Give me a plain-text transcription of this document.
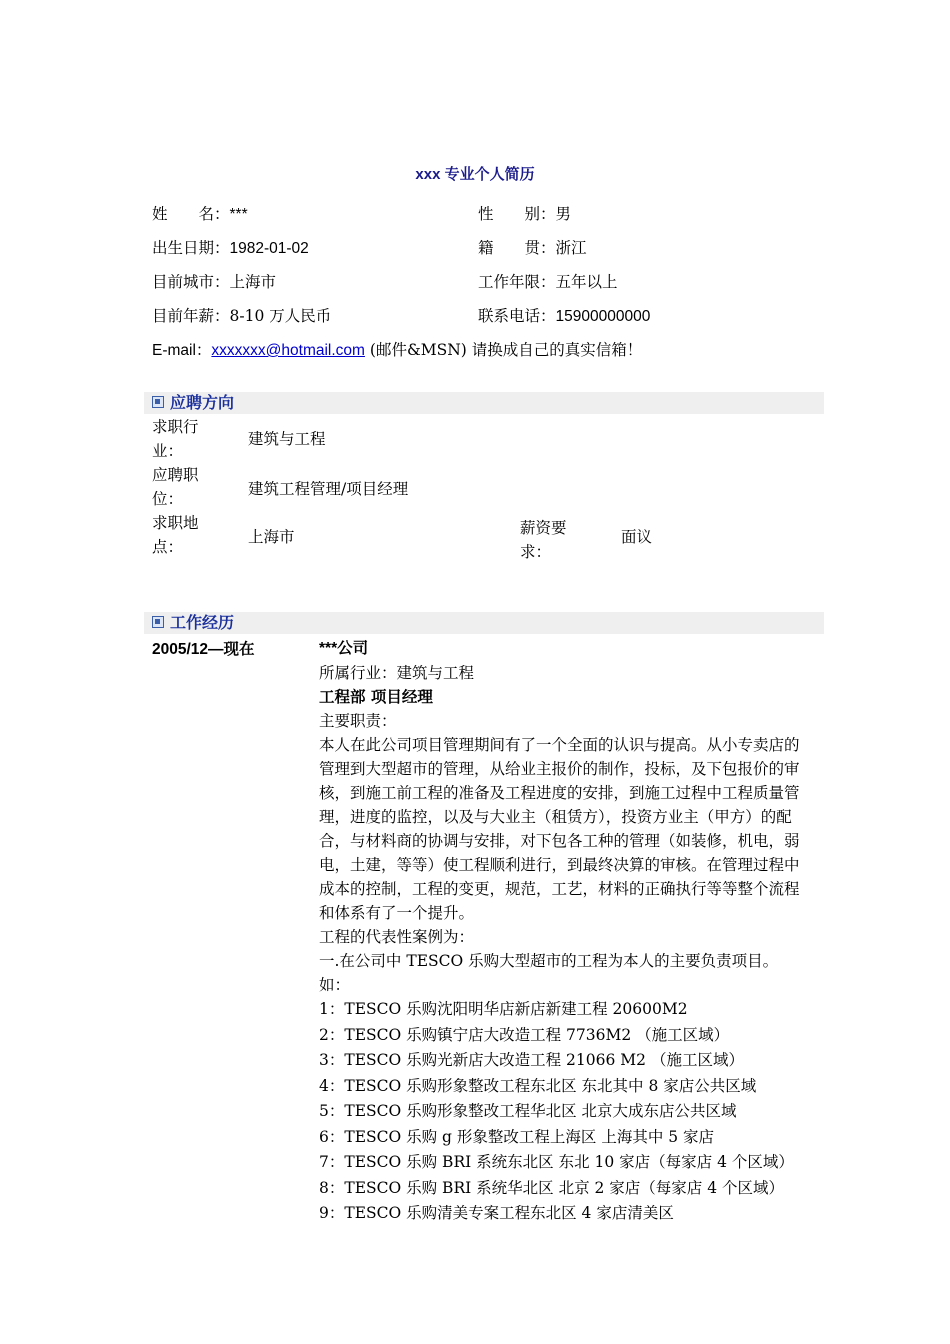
xxx 专业个人简历
姓　　名：***	性　　别：男
出生日期：1982-01-02	籍　　贯：浙江
目前城市：上海市	工作年限：五年以上
目前年薪：8-10 万人民币	联系电话：15900000000
E-mail：xxxxxxx@hotmail.com (邮件&MSN) 请换成自己的真实信箱！
应聘方向
求职行业：
建筑与工程
应聘职位：
建筑工程管理/项目经理
求职地点：
上海市	薪资要求：
面议
工作经历
2005/12—现在	***公司
所属行业：建筑与工程
工程部 项目经理
主要职责：
本人在此公司项目管理期间有了一个全面的认识与提高。从小专卖店的管理到大型超市的管理，从给业主报价的制作，投标，及下包报价的审核，到施工前工程的准备及工程进度的安排，到施工过程中工程质量管理，进度的监控，以及与大业主（租赁方），投资方业主（甲方）的配合，与材料商的协调与安排，对下包各工种的管理（如装修，机电，弱电，土建，等等）使工程顺利进行，到最终决算的审核。在管理过程中成本的控制，工程的变更，规范，工艺，材料的正确执行等等整个流程和体系有了一个提升。
工程的代表性案例为：
一.在公司中 TESCO 乐购大型超市的工程为本人的主要负责项目。如：
1：TESCO 乐购沈阳明华店新店新建工程 20600M2
2：TESCO 乐购镇宁店大改造工程 7736M2 （施工区域）
3：TESCO 乐购光新店大改造工程 21066 M2 （施工区域）
4：TESCO 乐购形象整改工程东北区 东北其中 8 家店公共区域
5：TESCO 乐购形象整改工程华北区 北京大成东店公共区域
6：TESCO 乐购 g 形象整改工程上海区 上海其中 5 家店
7：TESCO 乐购 BRI 系统东北区 东北 10 家店（每家店 4 个区域）
8：TESCO 乐购 BRI 系统华北区 北京 2 家店（每家店 4 个区域）
9：TESCO 乐购清美专案工程东北区 4 家店清美区
